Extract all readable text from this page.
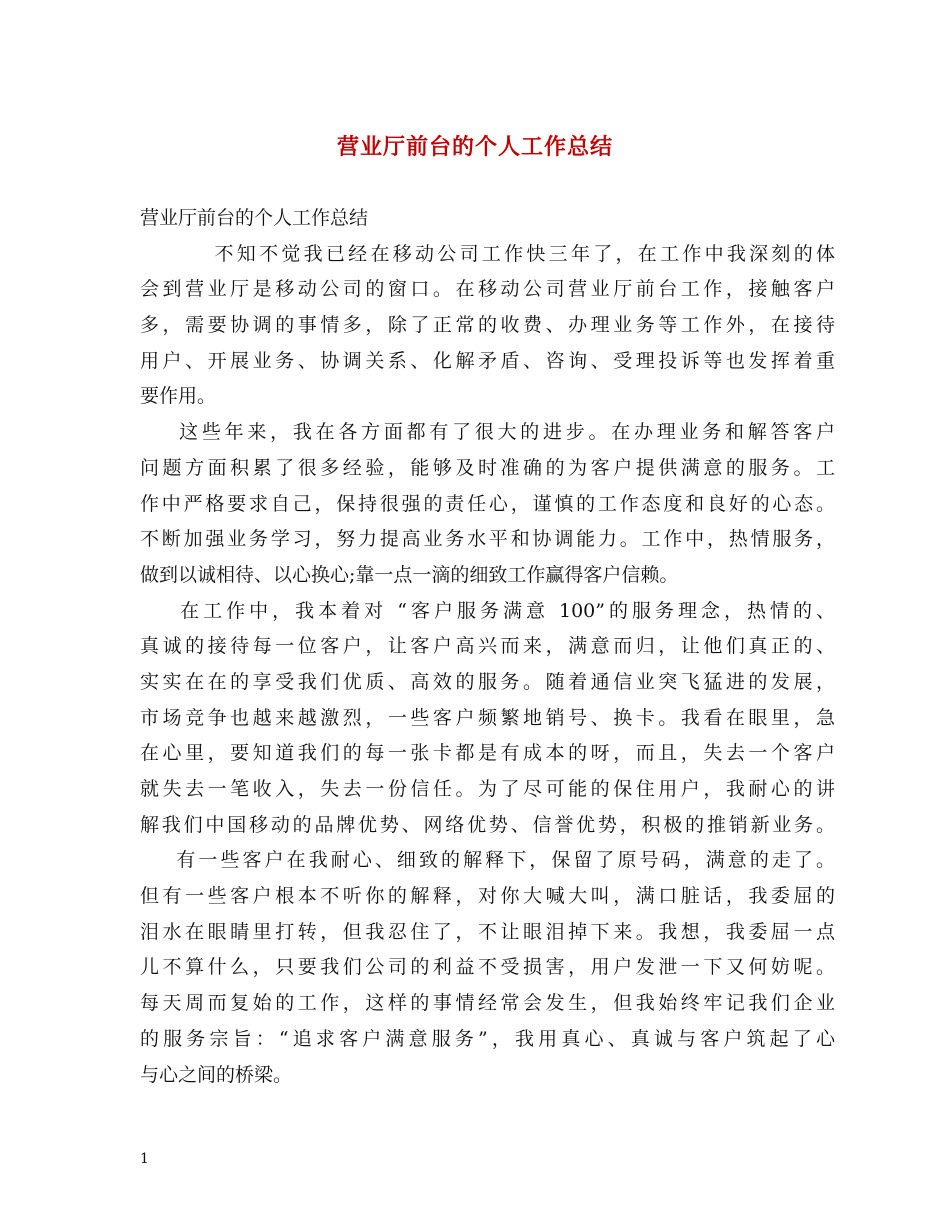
营业厅前台的个人工作总结
营业厅前台的个人工作总结
不知不觉我已经在移动公司工作快三年了，在工作中我深刻的体
会到营业厅是移动公司的窗口。在移动公司营业厅前台工作，接触客户
多，需要协调的事情多，除了正常的收费、办理业务等工作外，在接待
用户、开展业务、协调关系、化解矛盾、咨询、受理投诉等也发挥着重
要作用。
这些年来，我在各方面都有了很大的进步。在办理业务和解答客户
问题方面积累了很多经验，能够及时准确的为客户提供满意的服务。工
作中严格要求自己，保持很强的责任心，谨慎的工作态度和良好的心态。
不断加强业务学习，努力提高业务水平和协调能力。工作中，热情服务，
做到以诚相待、以心换心;靠一点一滴的细致工作赢得客户信赖。
在工作中，我本着对 “客户服务满意 100”的服务理念，热情的、
真诚的接待每一位客户，让客户高兴而来，满意而归，让他们真正的、
实实在在的享受我们优质、高效的服务。随着通信业突飞猛进的发展，
市场竞争也越来越激烈，一些客户频繁地销号、换卡。我看在眼里，急
在心里，要知道我们的每一张卡都是有成本的呀，而且，失去一个客户
就失去一笔收入，失去一份信任。为了尽可能的保住用户，我耐心的讲
解我们中国移动的品牌优势、网络优势、信誉优势，积极的推销新业务。
有一些客户在我耐心、细致的解释下，保留了原号码，满意的走了。
但有一些客户根本不听你的解释，对你大喊大叫，满口脏话，我委屈的
泪水在眼睛里打转，但我忍住了，不让眼泪掉下来。我想，我委屈一点
儿不算什么，只要我们公司的利益不受损害，用户发泄一下又何妨呢。
每天周而复始的工作，这样的事情经常会发生，但我始终牢记我们企业
的服务宗旨：“追求客户满意服务”，我用真心、真诚与客户筑起了心
与心之间的桥梁。
1
